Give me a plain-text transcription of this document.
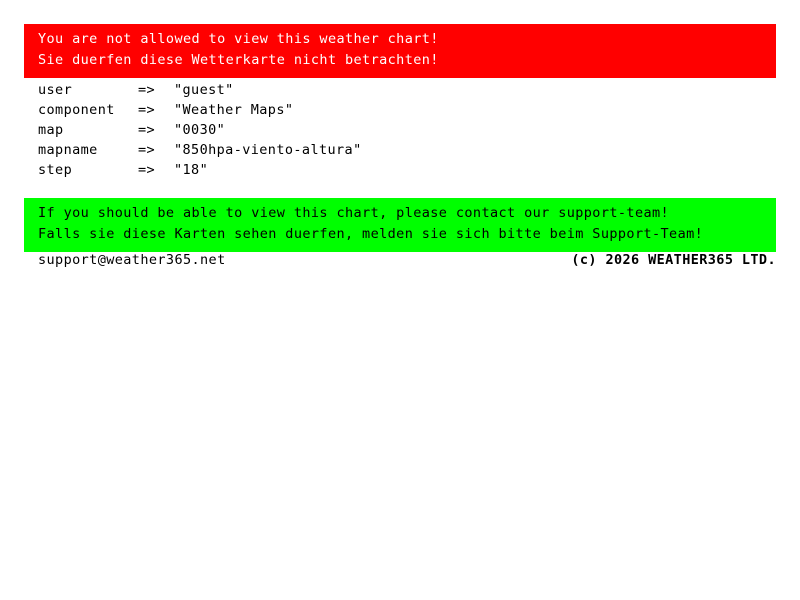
You are not allowed to view this weather chart!
Sie duerfen diese Wetterkarte nicht betrachten!
user	=>	"guest"
component	=>	"Weather Maps"
map	=>	"0030"
mapname	=>	"850hpa-viento-altura"
step	=>	"18"
If you should be able to view this chart, please contact our support-team!
Falls sie diese Karten sehen duerfen, melden sie sich bitte beim Support-Team!
support@weather365.net	(c) 2026 WEATHER365 LTD.
